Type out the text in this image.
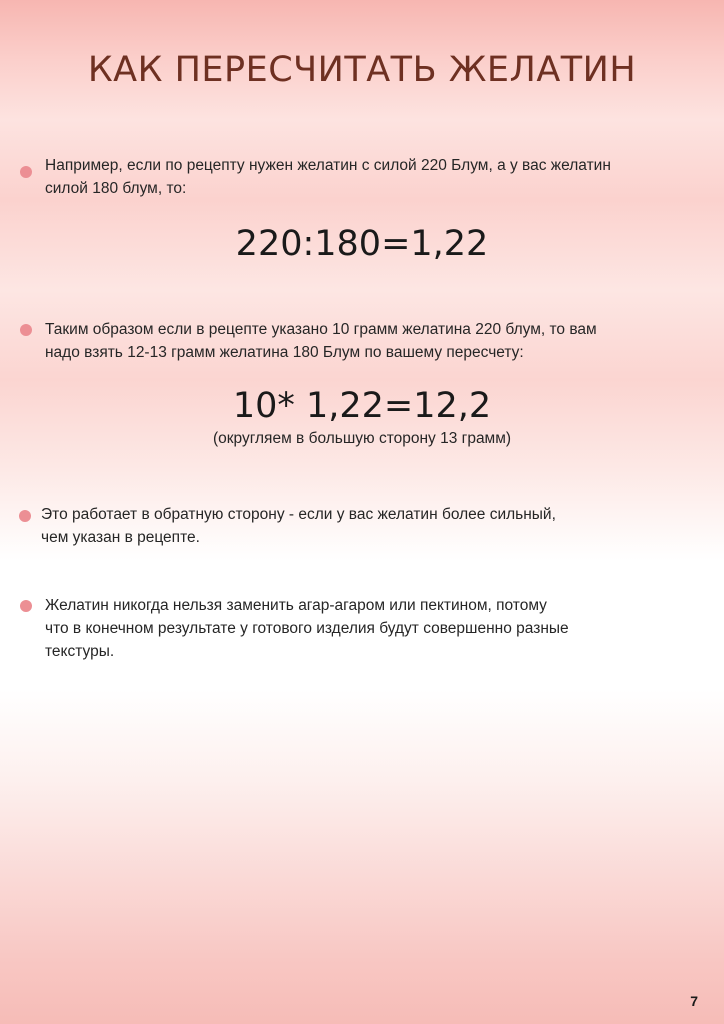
КАК ПЕРЕСЧИТАТЬ ЖЕЛАТИН
Например, если по рецепту нужен желатин с силой 220 Блум, а у вас желатин
силой 180 блум, то:
220:180=1,22
Таким образом если в рецепте указано 10 грамм желатина 220 блум, то вам
надо взять 12-13 грамм желатина 180 Блум по вашему пересчету:
10* 1,22=12,2
(округляем в большую сторону 13 грамм)
Это работает в обратную сторону - если у вас желатин более сильный,
чем указан в рецепте.
Желатин никогда нельзя заменить агар-агаром или пектином, потому
что в конечном результате у готового изделия будут совершенно разные
текстуры.
7
